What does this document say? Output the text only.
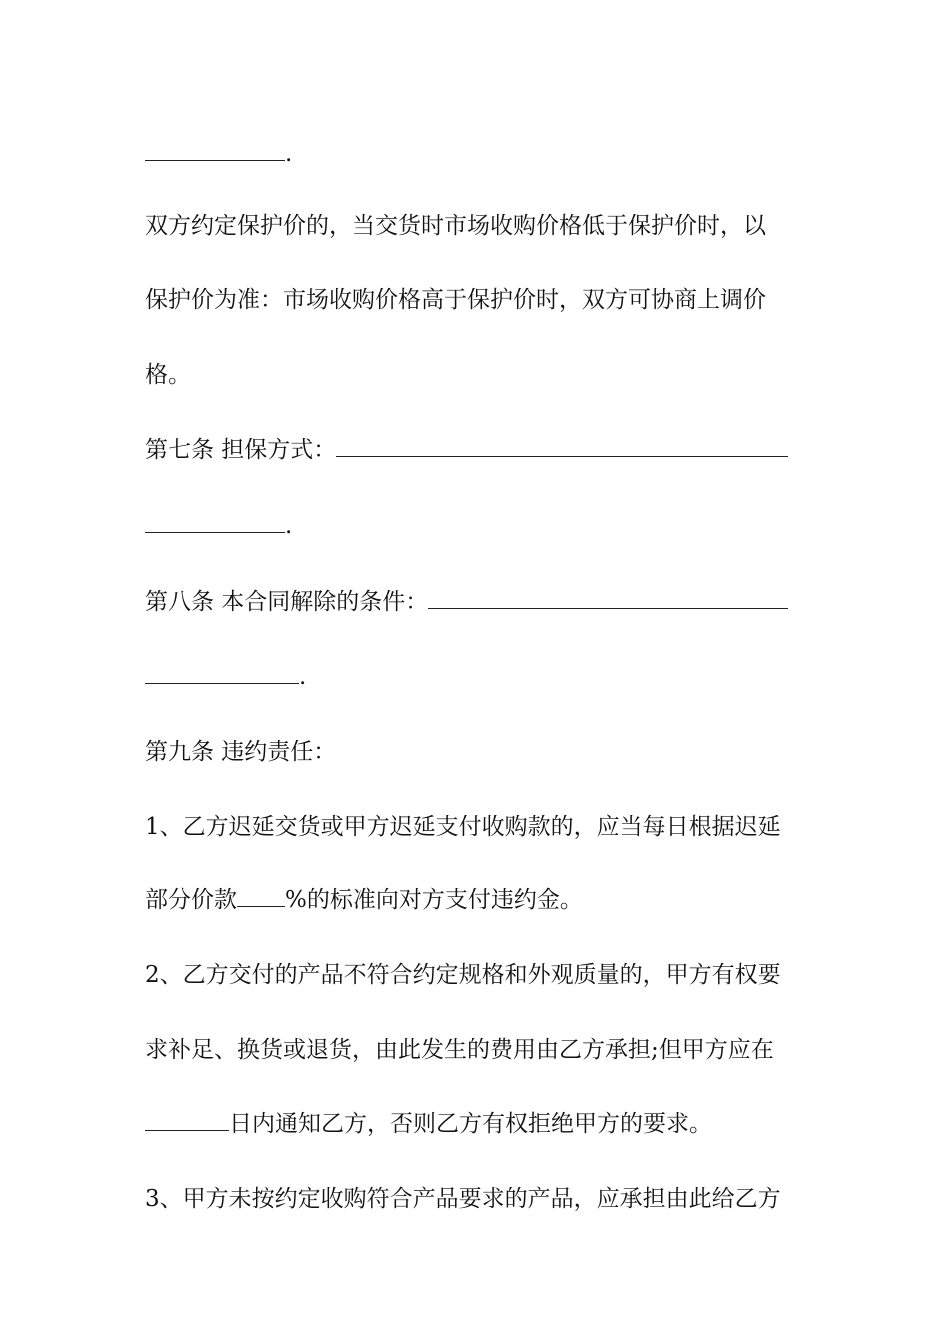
.
双方约定保护价的，当交货时市场收购价格低于保护价时，以
保护价为准：市场收购价格高于保护价时，双方可协商上调价
格。
第七条 担保方式：
.
第八条 本合同解除的条件：
.
第九条 违约责任：
1、乙方迟延交货或甲方迟延支付收购款的，应当每日根据迟延
部分价款 %的标准向对方支付违约金。
2、乙方交付的产品不符合约定规格和外观质量的，甲方有权要
求补足、换货或退货，由此发生的费用由乙方承担;但甲方应在
日内通知乙方，否则乙方有权拒绝甲方的要求。
3、甲方未按约定收购符合产品要求的产品，应承担由此给乙方
